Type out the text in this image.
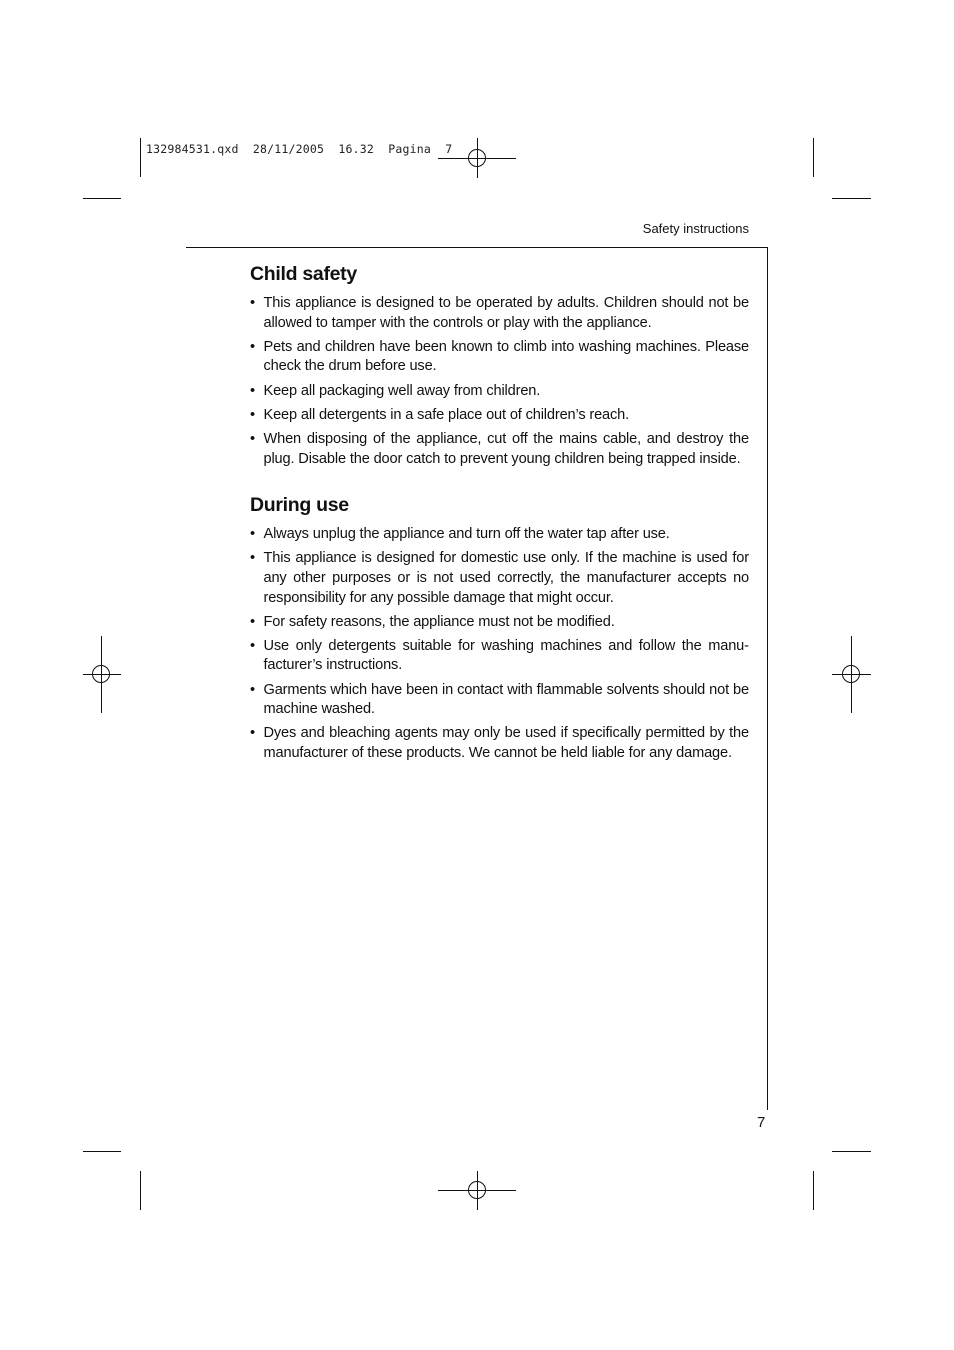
132984531.qxd  28/11/2005  16.32  Pagina  7
Safety instructions
Child safety
• This appliance is designed to be operated by adults. Children should not be allowed to tamper with the controls or play with the appliance.
• Pets and children have been known to climb into washing machines. Please check the drum before use.
• Keep all packaging well away from children.
• Keep all detergents in a safe place out of children’s reach.
• When disposing of the appliance, cut off the mains cable, and destroy the plug. Disable the door catch to prevent young children being trapped inside.
During use
• Always unplug the appliance and turn off the water tap after use.
• This appliance is designed for domestic use only. If the machine is used for any other purposes or is not used correctly, the manufacturer accepts no responsibility for any possible damage that might occur.
• For safety reasons, the appliance must not be modified.
• Use only detergents suitable for washing machines and follow the manufacturer’s instructions.
• Garments which have been in contact with flammable solvents should not be machine washed.
• Dyes and bleaching agents may only be used if specifically permitted by the manufacturer of these products. We cannot be held liable for any damage.
7
